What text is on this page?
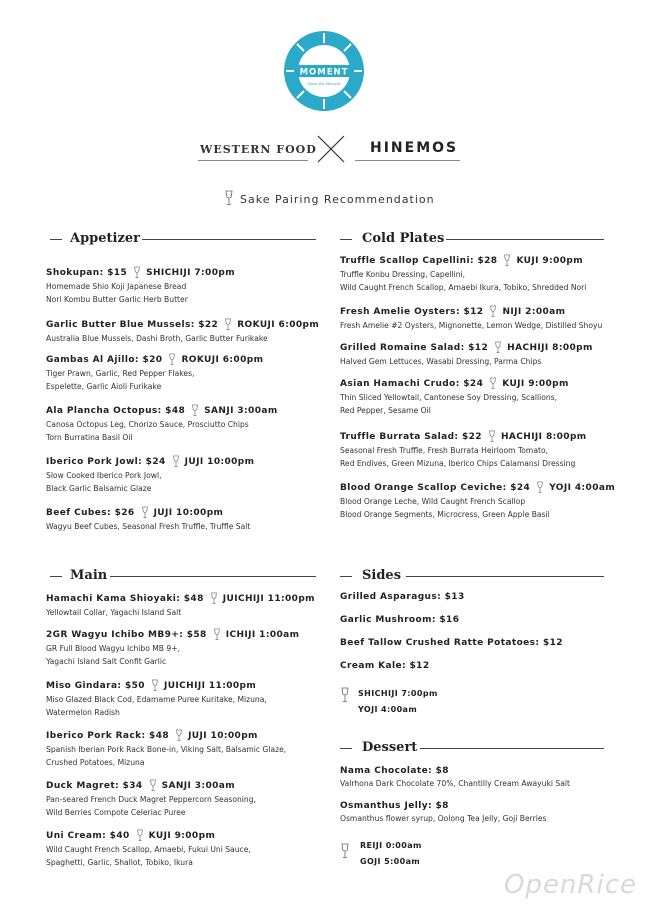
MOMENT
Savor the Moment
WESTERN FOOD	HINEMOS
Sake Pairing Recommendation
Appetizer	Cold Plates
Main	Sides
Dessert
Shokupan: $15 SHICHIJI 7:00pm
Homemade Shio Koji Japanese Bread
Nori Kombu Butter Garlic Herb Butter
Garlic Butter Blue Mussels: $22 ROKUJI 6:00pm
Australia Blue Mussels, Dashi Broth, Garlic Butter Furikake
Gambas Al Ajillo: $20 ROKUJI 6:00pm
Tiger Prawn, Garlic, Red Pepper Flakes,
Espelette, Garlic Aioli Furikake
Ala Plancha Octopus: $48 SANJI 3:00am
Canosa Octopus Leg, Chorizo Sauce, Prosciutto Chips
Torn Burratina Basil Oil
Iberico Pork Jowl: $24 JUJI 10:00pm
Slow Cooked Iberico Pork Jowl,
Black Garlic Balsamic Glaze
Beef Cubes: $26 JUJI 10:00pm
Wagyu Beef Cubes, Seasonal Fresh Truffle, Truffle Salt
Truffle Scallop Capellini: $28 KUJI 9:00pm
Truffle Konbu Dressing, Capellini,
Wild Caught French Scallop, Amaebi Ikura, Tobiko, Shredded Nori
Fresh Amelie Oysters: $12 NIJI 2:00am
Fresh Amelie #2 Oysters, Mignonette, Lemon Wedge, Distilled Shoyu
Grilled Romaine Salad: $12 HACHIJI 8:00pm
Halved Gem Lettuces, Wasabi Dressing, Parma Chips
Asian Hamachi Crudo: $24 KUJI 9:00pm
Thin Sliced Yellowtail, Cantonese Soy Dressing, Scallions,
Red Pepper, Sesame Oil
Truffle Burrata Salad: $22 HACHIJI 8:00pm
Seasonal Fresh Truffle, Fresh Burrata Heirloom Tomato,
Red Endives, Green Mizuna, Iberico Chips Calamansi Dressing
Blood Orange Scallop Ceviche: $24 YOJI 4:00am
Blood Orange Leche, Wild Caught French Scallop
Blood Orange Segments, Microcress, Green Apple Basil
Hamachi Kama Shioyaki: $48 JUICHIJI 11:00pm
Yellowtail Collar, Yagachi Island Salt
2GR Wagyu Ichibo MB9+: $58 ICHIJI 1:00am
GR Full Blood Wagyu Ichibo MB 9+,
Yagachi Island Salt Confit Garlic
Miso Gindara: $50 JUICHIJI 11:00pm
Miso Glazed Black Cod, Edamame Puree Kuritake, Mizuna,
Watermelon Radish
Iberico Pork Rack: $48 JUJI 10:00pm
Spanish Iberian Pork Rack Bone-in, Viking Salt, Balsamic Glaze,
Crushed Potatoes, Mizuna
Duck Magret: $34 SANJI 3:00am
Pan-seared French Duck Magret Peppercorn Seasoning,
Wild Berries Compote Celeriac Puree
Uni Cream: $40 KUJI 9:00pm
Wild Caught French Scallop, Amaebi, Fukui Uni Sauce,
Spaghetti, Garlic, Shallot, Tobiko, Ikura
Grilled Asparagus: $13
Garlic Mushroom: $16
Beef Tallow Crushed Ratte Potatoes: $12
Cream Kale: $12
SHICHIJI 7:00pm
YOJI 4:00am
Nama Chocolate: $8
Valrhona Dark Chocolate 70%, Chantilly Cream Awayuki Salt
Osmanthus Jelly: $8
Osmanthus flower syrup, Oolong Tea Jelly, Goji Berries
REIJI 0:00am
GOJI 5:00am
OpenRice
